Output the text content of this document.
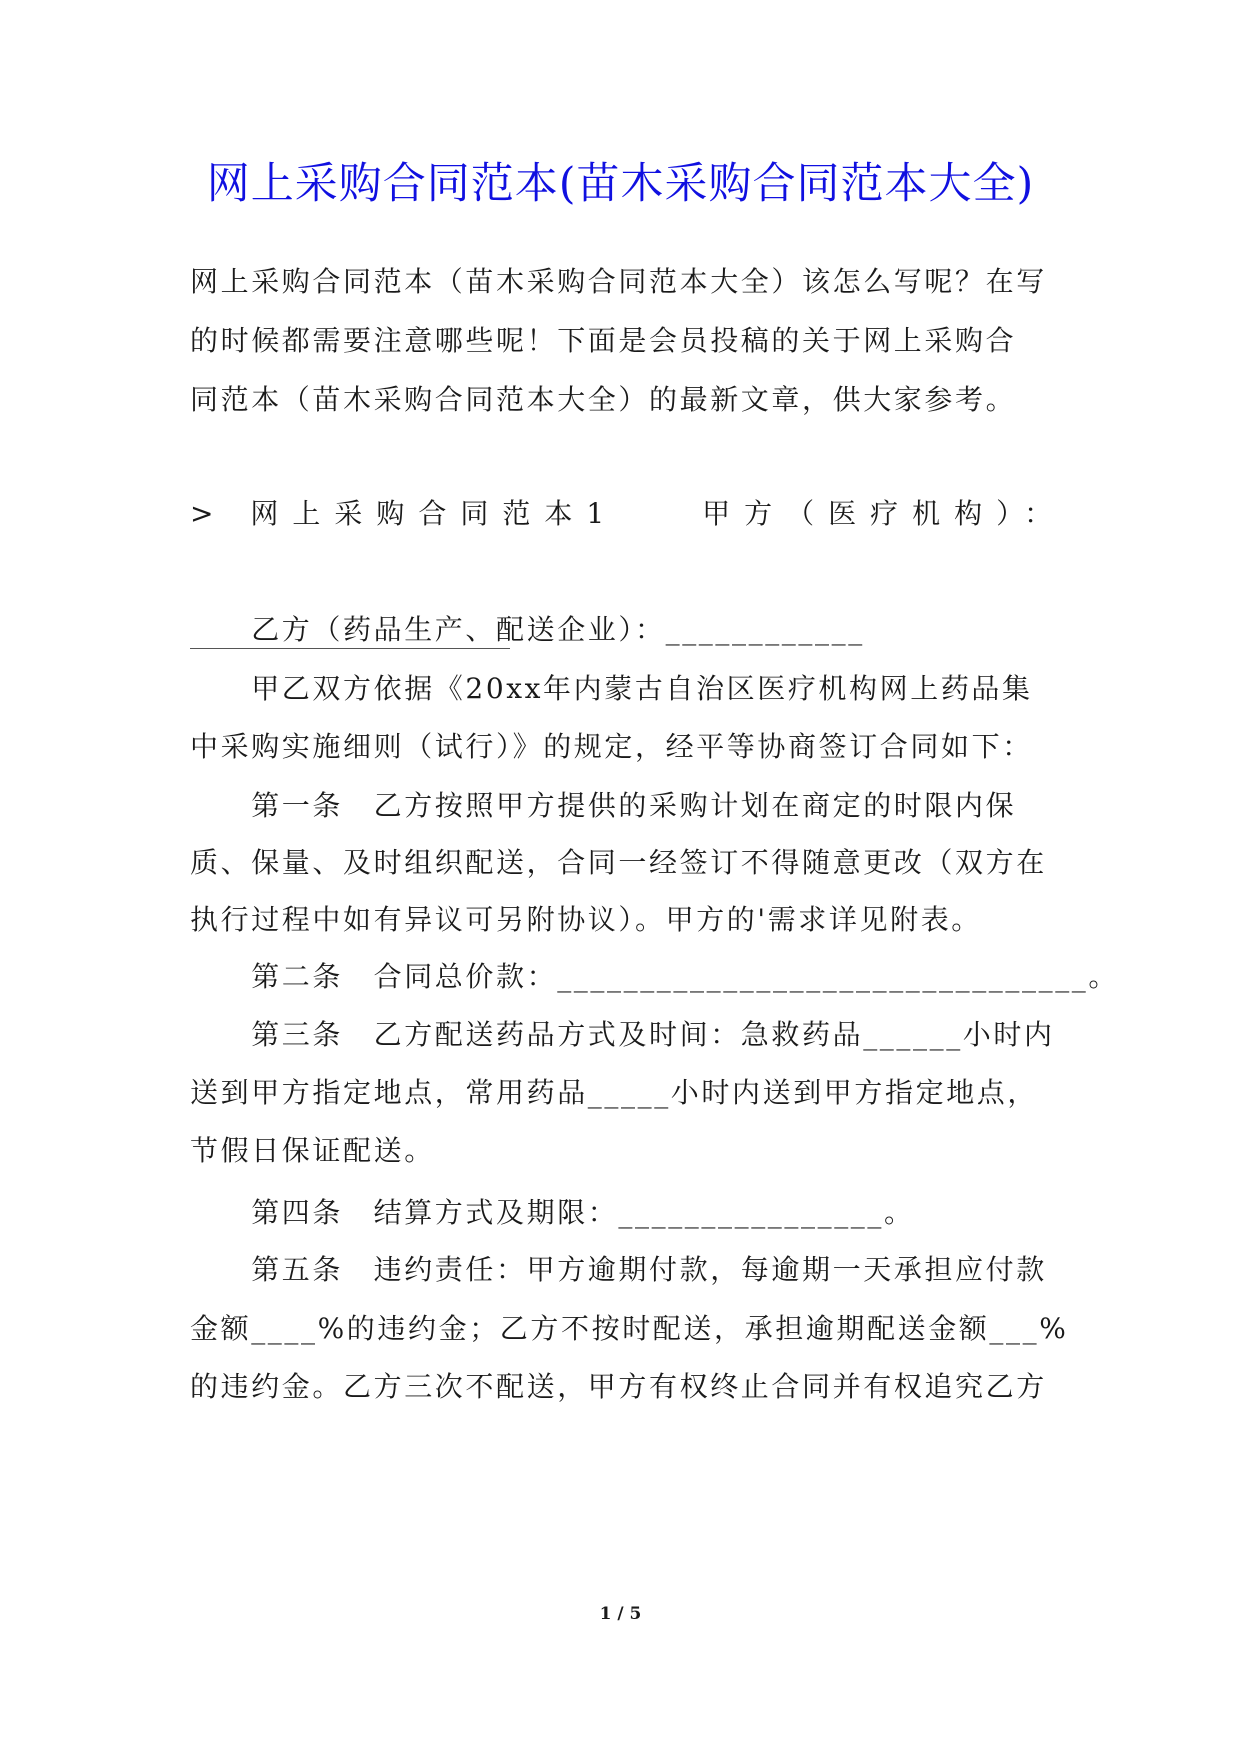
网上采购合同范本(苗木采购合同范本大全)
网上采购合同范本（苗木采购合同范本大全）该怎么写呢？在写
的时候都需要注意哪些呢！下面是会员投稿的关于网上采购合
同范本（苗木采购合同范本大全）的最新文章，供大家参考。
> 网上采购合同范本1　　甲方（医疗机构）：
　　乙方（药品生产、配送企业）：____________
　　甲乙双方依据《20xx年内蒙古自治区医疗机构网上药品集
中采购实施细则（试行）》的规定，经平等协商签订合同如下：
　　第一条　乙方按照甲方提供的采购计划在商定的时限内保
质、保量、及时组织配送，合同一经签订不得随意更改（双方在
执行过程中如有异议可另附协议）。甲方的'需求详见附表。
　　第二条　合同总价款：________________________________。
　　第三条　乙方配送药品方式及时间：急救药品______小时内
送到甲方指定地点，常用药品_____小时内送到甲方指定地点，
节假日保证配送。
　　第四条　结算方式及期限：________________。
　　第五条　违约责任：甲方逾期付款，每逾期一天承担应付款
金额____%的违约金；乙方不按时配送，承担逾期配送金额___%
的违约金。乙方三次不配送，甲方有权终止合同并有权追究乙方
1 / 5
